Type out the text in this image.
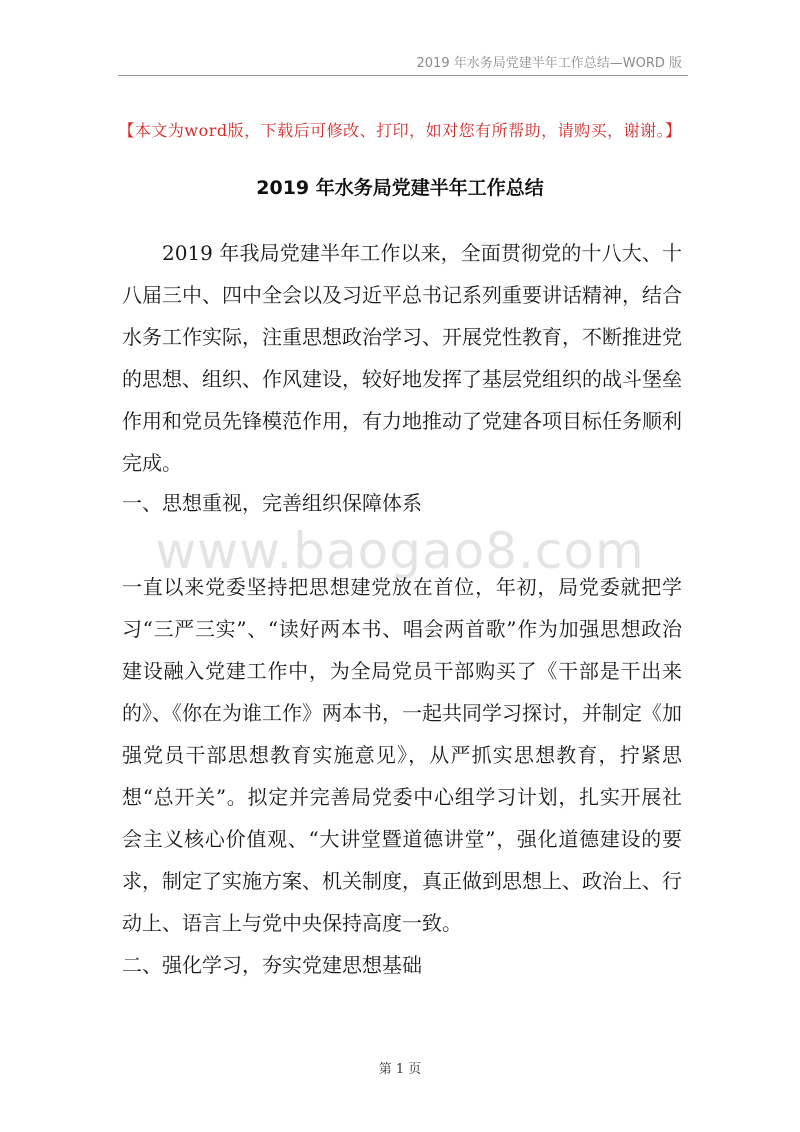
2019 年水务局党建半年工作总结—WORD 版
【本文为word版，下载后可修改、打印，如对您有所帮助，请购买，谢谢。】
2019 年水务局党建半年工作总结

2019 年我局党建半年工作以来，全面贯彻党的十八大、十八届三中、四中全会以及习近平总书记系列重要讲话精神，结合水务工作实际，注重思想政治学习、开展党性教育，不断推进党的思想、组织、作风建设，较好地发挥了基层党组织的战斗堡垒作用和党员先锋模范作用，有力地推动了党建各项目标任务顺利完成。

一、思想重视，完善组织保障体系
www.baogao8.com

一直以来党委坚持把思想建党放在首位，年初，局党委就把学习“三严三实”、“读好两本书、唱会两首歌”作为加强思想政治建设融入党建工作中，为全局党员干部购买了《干部是干出来的》、《你在为谁工作》两本书，一起共同学习探讨，并制定《加强党员干部思想教育实施意见》，从严抓实思想教育，拧紧思想“总开关”。拟定并完善局党委中心组学习计划，扎实开展社会主义核心价值观、“大讲堂暨道德讲堂”，强化道德建设的要求，制定了实施方案、机关制度，真正做到思想上、政治上、行动上、语言上与党中央保持高度一致。

二、强化学习，夯实党建思想基础
第 1 页
